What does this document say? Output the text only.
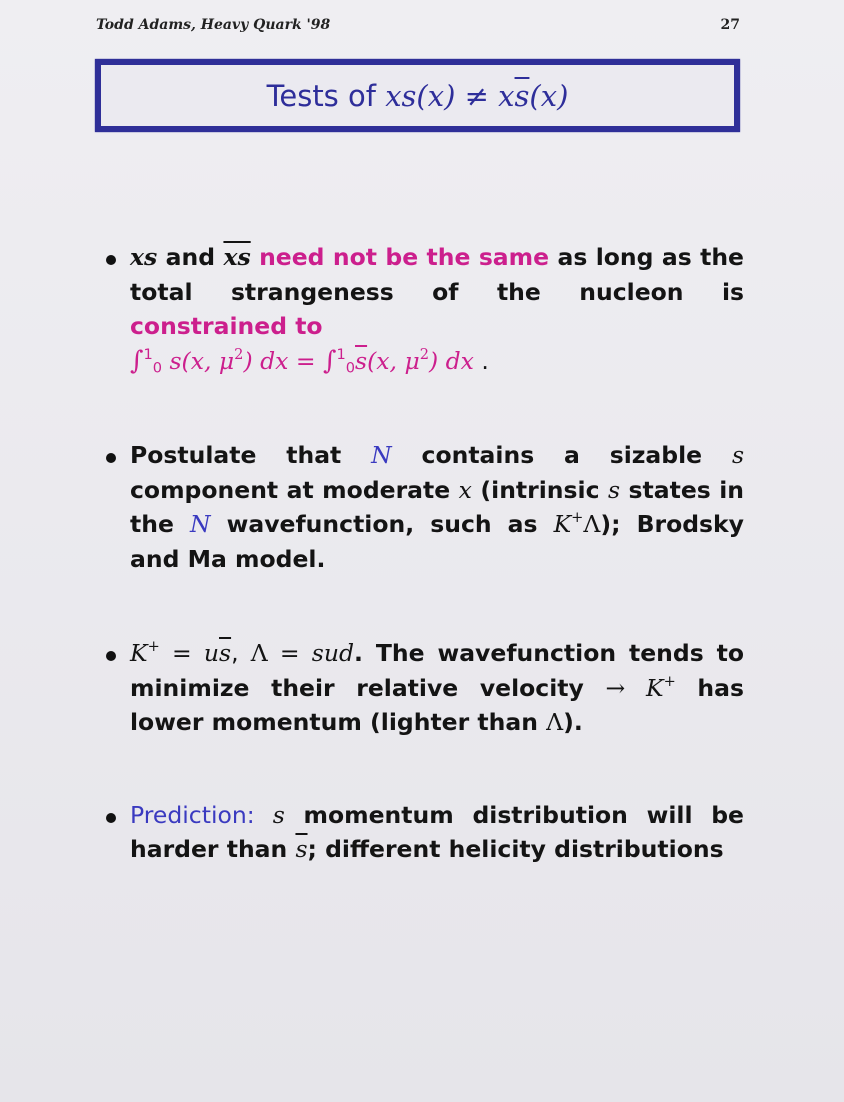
Todd Adams, Heavy Quark '98	27
Tests of $xs(x) \ne x\overline{s}(x)$
xs and $\overline{xs}$ need not be the same as long as the total strangeness of the nucleon is constrained to
∫$^1_0$ s(x, $\mu^2$) dx = $\int^1_0\overline{s}(x$, $\mu^2$) dx .
Postulate that N contains a sizable s component at moderate x (intrinsic s states in the N wavefunction, such as K+Λ); Brodsky and Ma model.
$K^+ = u\overline{s}$, Λ = sud. The wavefunction tends to minimize their relative velocity → K+ has lower momentum (lighter than Λ).
Prediction: s momentum distribution will be harder than $\overline{s}$; different helicity distributions
